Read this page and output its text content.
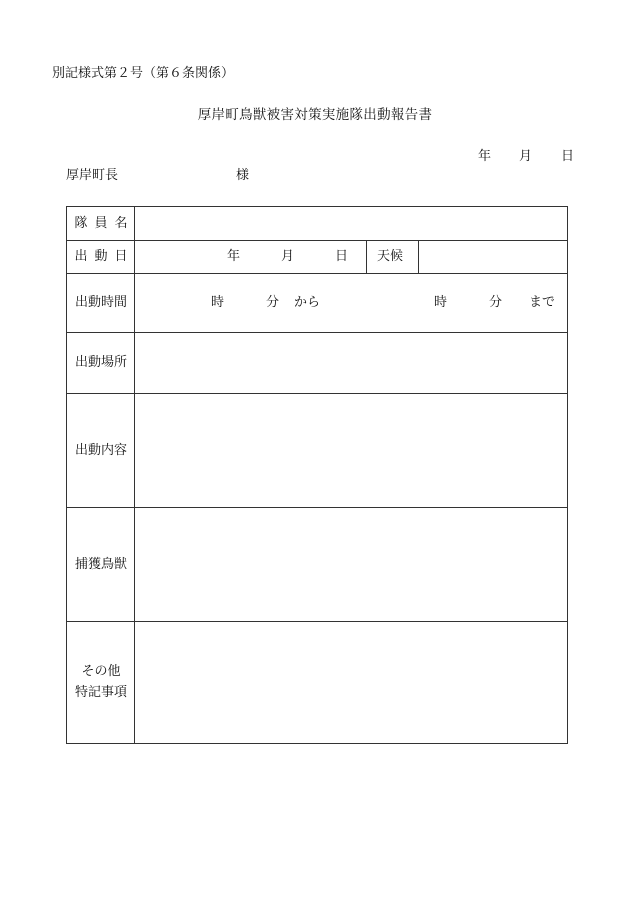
別記様式第２号（第６条関係）
厚岸町鳥獣被害対策実施隊出動報告書
年 月 日
厚岸町長	様
隊員名
出動日	年	月	日 天候
出動時間	時	分 から	時	分 まで
出動場所
出動内容
捕獲鳥獣
その他
特記事項
